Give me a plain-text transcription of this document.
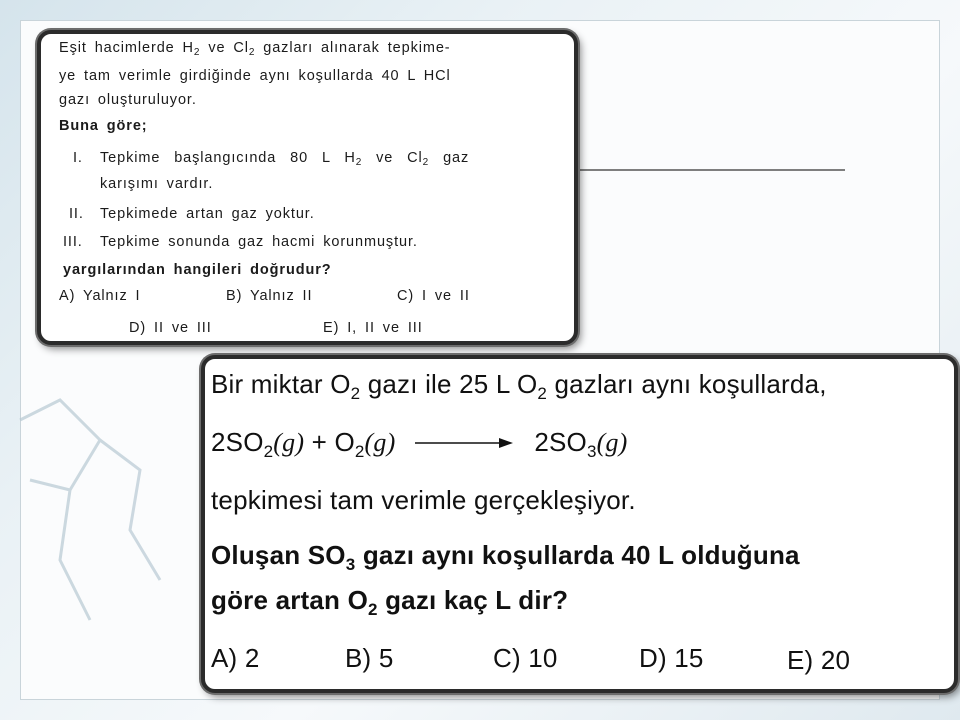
Eşit hacimlerde $H_2$ ve $Cl_2$ gazları alınarak tepkime-
ye tam verimle girdiğinde aynı koşullarda 40 L HCl
gazı oluşturuluyor.
Buna göre;
I. Tepkime başlangıcında 80 L $H_2$ ve $Cl_2$ gaz
karışımı vardır.
II. Tepkimede artan gaz yoktur.
III. Tepkime sonunda gaz hacmi korunmuştur.
yargılarından hangileri doğrudur?
A) Yalnız I	B) Yalnız II	C) I ve II
D) II ve III	E) I, II ve III
Bir miktar $O_2$ gazı ile 25 L $O_2$ gazları aynı koşullarda,
$2SO_2(g) + O_2(g) \to 2SO_3(g)$
tepkimesi tam verimle gerçekleşiyor.
Oluşan $SO_3$ gazı aynı koşullarda 40 L olduğuna
göre artan $O_2$ gazı kaç L dir?
A) 2	B) 5	C) 10	D) 15	E) 20
